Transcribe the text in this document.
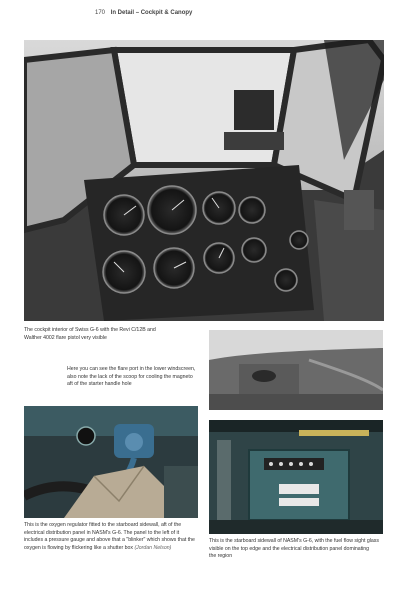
170 In Detail – Cockpit & Canopy
The cockpit interior of Swiss G-6 with the Revi C/12B and
Walther 4002 flare pistol very visible
Here you can see the flare port in the lower windscreen,
also note the lack of the scoop for cooling the magneto
aft of the starter handle hole
This is the oxygen regulator fitted to the starboard sidewall, aft of the
electrical distribution panel in NASM's G-6. The panel to the left of it
includes a pressure gauge and above that a "blinker" which shows that the
oxygen is flowing by flickering like a shutter box (Jordan Nelson)
This is the starboard sidewall of NASM's G-6, with the fuel flow sight glass
visible on the top edge and the electrical distribution panel dominating
the region
